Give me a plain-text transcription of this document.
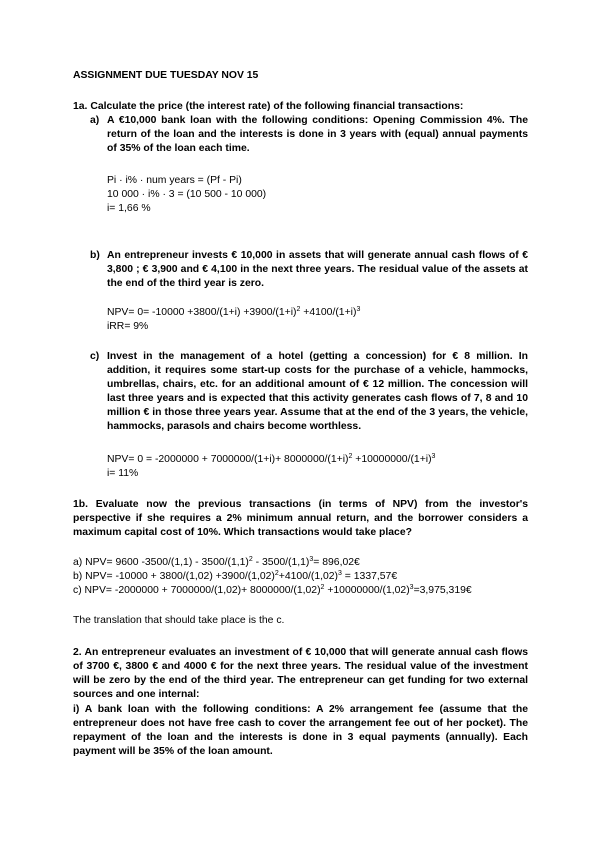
ASSIGNMENT DUE TUESDAY NOV 15
1a. Calculate the price (the interest rate) of the following financial transactions:
a) A €10,000 bank loan with the following conditions: Opening Commission 4%. The return of the loan and the interests is done in 3 years with (equal) annual payments of 35% of the loan each time.
Pi · i% · num years = (Pf - Pi)
10 000 · i% · 3 = (10 500 - 10 000)
i= 1,66 %
b) An entrepreneur invests € 10,000 in assets that will generate annual cash flows of € 3,800 ; € 3,900 and € 4,100 in the next three years. The residual value of the assets at the end of the third year is zero.
$NPV= 0= -10000 +3800/(1+i) +3900/(1+i)^2 +4100/(1+i)^3$
iRR= 9%
c) Invest in the management of a hotel (getting a concession) for € 8 million. In addition, it requires some start-up costs for the purchase of a vehicle, hammocks, umbrellas, chairs, etc. for an additional amount of € 12 million. The concession will last three years and is expected that this activity generates cash flows of 7, 8 and 10 million € in those three years year. Assume that at the end of the 3 years, the vehicle, hammocks, parasols and chairs become worthless.
$NPV= 0 = -2000000 + 7000000/(1+i)+ 8000000/(1+i)^2 +10000000/(1+i)^3$
i= 11%
1b. Evaluate now the previous transactions (in terms of NPV) from the investor's perspective if she requires a 2% minimum annual return, and the borrower considers a maximum capital cost of 10%. Which transactions would take place?
a) NPV= 9600 $-3500/(1,1) - 3500/(1,1)^2 - 3500/(1,1)^3=$ 896,02€
b) $NPV= -10000 + 3800/(1,02) +3900/(1,02)^2+4100/(1,02)^3$ = 1337,57€
c) $NPV= -2000000 + 7000000/(1,02)+ 8000000/(1,02)^2$ $+10000000/(1,02)^3=3,975,319€$
The translation that should take place is the c.
2. An entrepreneur evaluates an investment of € 10,000 that will generate annual cash flows of 3700 €, 3800 € and 4000 € for the next three years. The residual value of the investment will be zero by the end of the third year. The entrepreneur can get funding for two external sources and one internal:
i) A bank loan with the following conditions: A 2% arrangement fee (assume that the entrepreneur does not have free cash to cover the arrangement fee out of her pocket). The repayment of the loan and the interests is done in 3 equal payments (annually). Each payment will be 35% of the loan amount.
